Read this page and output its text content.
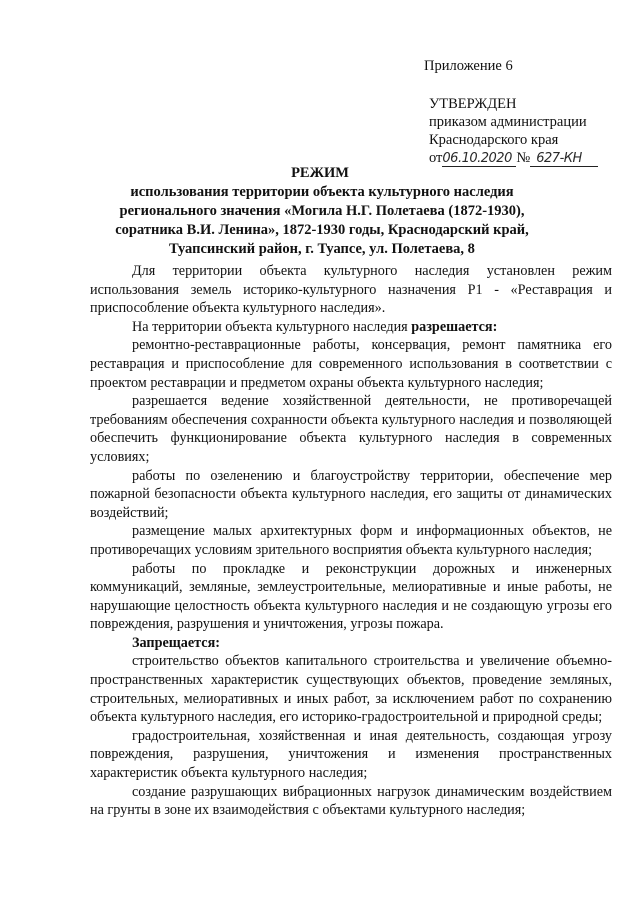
Приложение 6
УТВЕРЖДЕН
приказом администрации
Краснодарского края
от06.10.2020 № 627-КН
РЕЖИМ
использования территории объекта культурного наследия регионального значения «Могила Н.Г. Полетаева (1872-1930), соратника В.И. Ленина», 1872-1930 годы, Краснодарский край, Туапсинский район, г. Туапсе, ул. Полетаева, 8

Для территории объекта культурного наследия установлен режим использования земель историко-культурного назначения Р1 - «Реставрация и приспособление объекта культурного наследия».

На территории объекта культурного наследия разрешается:

ремонтно-реставрационные работы, консервация, ремонт памятника его реставрация и приспособление для современного использования в соответствии с проектом реставрации и предметом охраны объекта культурного наследия;

разрешается ведение хозяйственной деятельности, не противоречащей требованиям обеспечения сохранности объекта культурного наследия и позволяющей обеспечить функционирование объекта культурного наследия в современных условиях;

работы по озеленению и благоустройству территории, обеспечение мер пожарной безопасности объекта культурного наследия, его защиты от динамических воздействий;

размещение малых архитектурных форм и информационных объектов, не противоречащих условиям зрительного восприятия объекта культурного наследия;

работы по прокладке и реконструкции дорожных и инженерных коммуникаций, земляные, землеустроительные, мелиоративные и иные работы, не нарушающие целостность объекта культурного наследия и не создающую угрозы его повреждения, разрушения и уничтожения, угрозы пожара.

Запрещается:

строительство объектов капитального строительства и увеличение объемно-пространственных характеристик существующих объектов, проведение земляных, строительных, мелиоративных и иных работ, за исключением работ по сохранению объекта культурного наследия, его историко-градостроительной и природной среды;

градостроительная, хозяйственная и иная деятельность, создающая угрозу повреждения, разрушения, уничтожения и изменения пространственных характеристик объекта культурного наследия;

создание разрушающих вибрационных нагрузок динамическим воздействием на грунты в зоне их взаимодействия с объектами культурного наследия;
